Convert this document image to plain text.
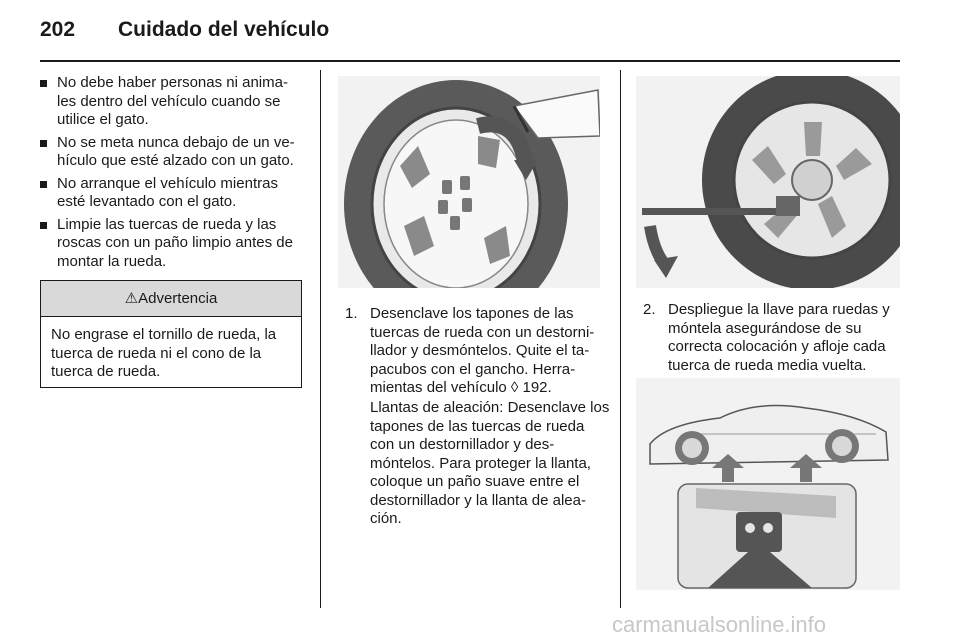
202 Cuidado del vehículo
No debe haber personas ni anima-les dentro del vehículo cuando se utilice el gato.
No se meta nunca debajo de un ve-hículo que esté alzado con un gato.
No arranque el vehículo mientras esté levantado con el gato.
Limpie las tuercas de rueda y las roscas con un paño limpio antes de montar la rueda.
⚠Advertencia
No engrase el tornillo de rueda, la tuerca de rueda ni el cono de la tuerca de rueda.
1. Desenclave los tapones de las tuercas de rueda con un destorni-llador y desmóntelos. Quite el ta-pacubos con el gancho. Herra-mientas del vehículo ◊ 192.
Llantas de aleación: Desenclave los tapones de las tuercas de rueda con un destornillador y des-móntelos. Para proteger la llanta, coloque un paño suave entre el destornillador y la llanta de alea-ción.
2. Despliegue la llave para ruedas y móntela asegurándose de su correcta colocación y afloje cada tuerca de rueda media vuelta.
carmanualsonline.info
